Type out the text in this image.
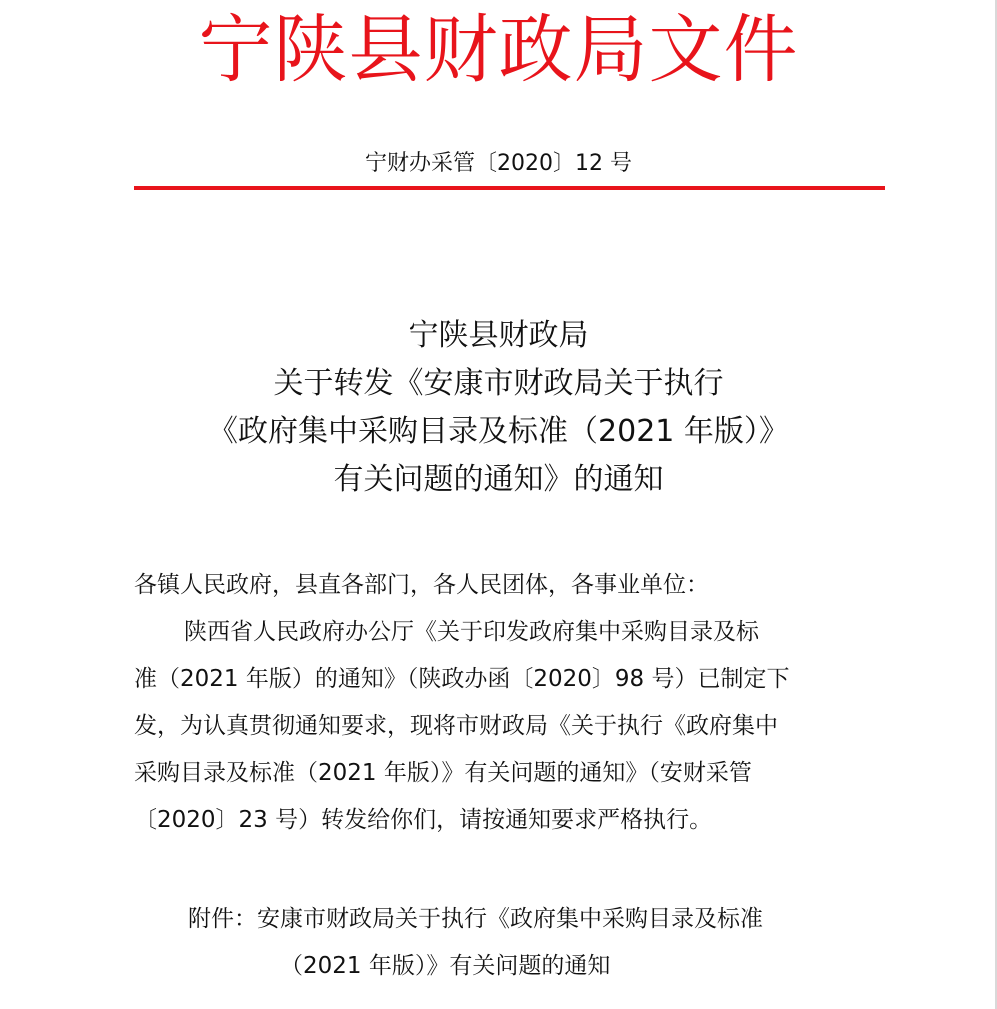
宁陕县财政局文件
宁财办采管〔2020〕12 号
宁陕县财政局
关于转发《安康市财政局关于执行
《政府集中采购目录及标准（2021 年版）》
有关问题的通知》的通知

各镇人民政府，县直各部门，各人民团体，各事业单位：

陕西省人民政府办公厅《关于印发政府集中采购目录及标

准（2021 年版）的通知》（陕政办函〔2020〕98 号）已制定下

发，为认真贯彻通知要求，现将市财政局《关于执行《政府集中

采购目录及标准（2021 年版）》有关问题的通知》（安财采管

〔2020〕23 号）转发给你们，请按通知要求严格执行。

附件：安康市财政局关于执行《政府集中采购目录及标准

（2021 年版）》有关问题的通知
